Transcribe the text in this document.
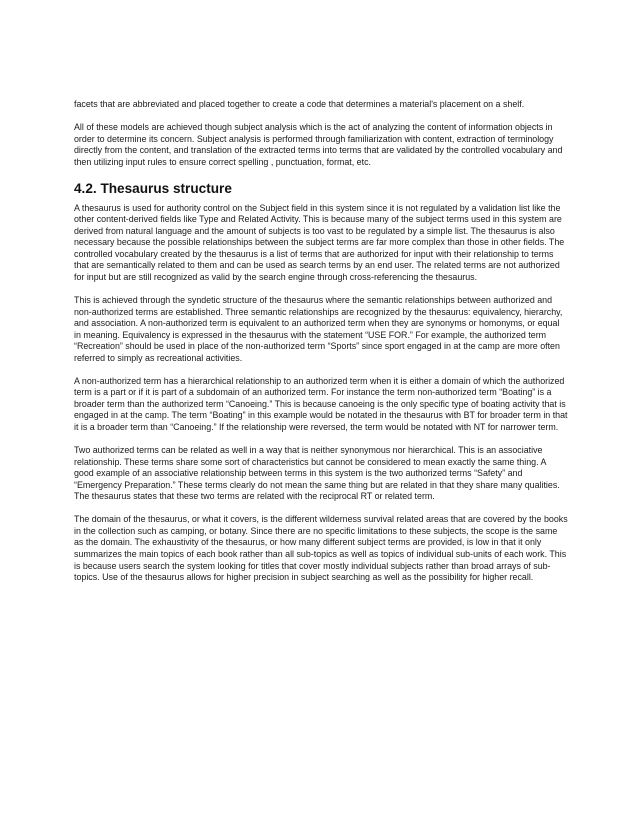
facets that are abbreviated and placed together to create a code that determines a material's placement on a shelf.

All of these models are achieved though subject analysis which is the act of analyzing the content of information objects in order to determine its concern. Subject analysis is performed through familiarization with content, extraction of terminology directly from the content, and translation of the extracted terms into terms that are validated by the controlled vocabulary and then utilizing input rules to ensure correct spelling , punctuation, format, etc.

4.2. Thesaurus structure

A thesaurus is used for authority control on the Subject field in this system since it is not regulated by a validation list like the other content-derived fields like Type and Related Activity. This is because many of the subject terms used in this system are derived from natural language and the amount of subjects is too vast to be regulated by a simple list. The thesaurus is also necessary because the possible relationships between the subject terms are far more complex than those in other fields. The controlled vocabulary created by the thesaurus is a list of terms that are authorized for input with their relationship to terms that are semantically related to them and can be used as search terms by an end user. The related terms are not authorized for input but are still recognized as valid by the search engine through cross-referencing the thesaurus.

This is achieved through the syndetic structure of the thesaurus where the semantic relationships between authorized and non-authorized terms are established. Three semantic relationships are recognized by the thesaurus: equivalency, hierarchy, and association. A non-authorized term is equivalent to an authorized term when they are synonyms or homonyms, or equal in meaning. Equivalency is expressed in the thesaurus with the statement “USE FOR.” For example, the authorized term “Recreation” should be used in place of the non-authorized term “Sports” since sport engaged in at the camp are more often referred to simply as recreational activities.

A non-authorized term has a hierarchical relationship to an authorized term when it is either a domain of which the authorized term is a part or if it is part of a subdomain of an authorized term. For instance the term non-authorized term “Boating” is a broader term than the authorized term “Canoeing.” This is because canoeing is the only specific type of boating activity that is engaged in at the camp. The term “Boating” in this example would be notated in the thesaurus with BT for broader term in that it is a broader term than “Canoeing.” If the relationship were reversed, the term would be notated with NT for narrower term.

Two authorized terms can be related as well in a way that is neither synonymous nor hierarchical. This is an associative relationship. These terms share some sort of characteristics but cannot be considered to mean exactly the same thing. A good example of an associative relationship between terms in this system is the two authorized terms “Safety” and “Emergency Preparation.” These terms clearly do not mean the same thing but are related in that they share many qualities. The thesaurus states that these two terms are related with the reciprocal RT or related term.

The domain of the thesaurus, or what it covers, is the different wilderness survival related areas that are covered by the books in the collection such as camping, or botany. Since there are no specific limitations to these subjects, the scope is the same as the domain. The exhaustivity of the thesaurus, or how many different subject terms are provided, is low in that it only summarizes the main topics of each book rather than all sub-topics as well as topics of individual sub-units of each work. This is because users search the system looking for titles that cover mostly individual subjects rather than broad arrays of sub-topics. Use of the thesaurus allows for higher precision in subject searching as well as the possibility for higher recall.
